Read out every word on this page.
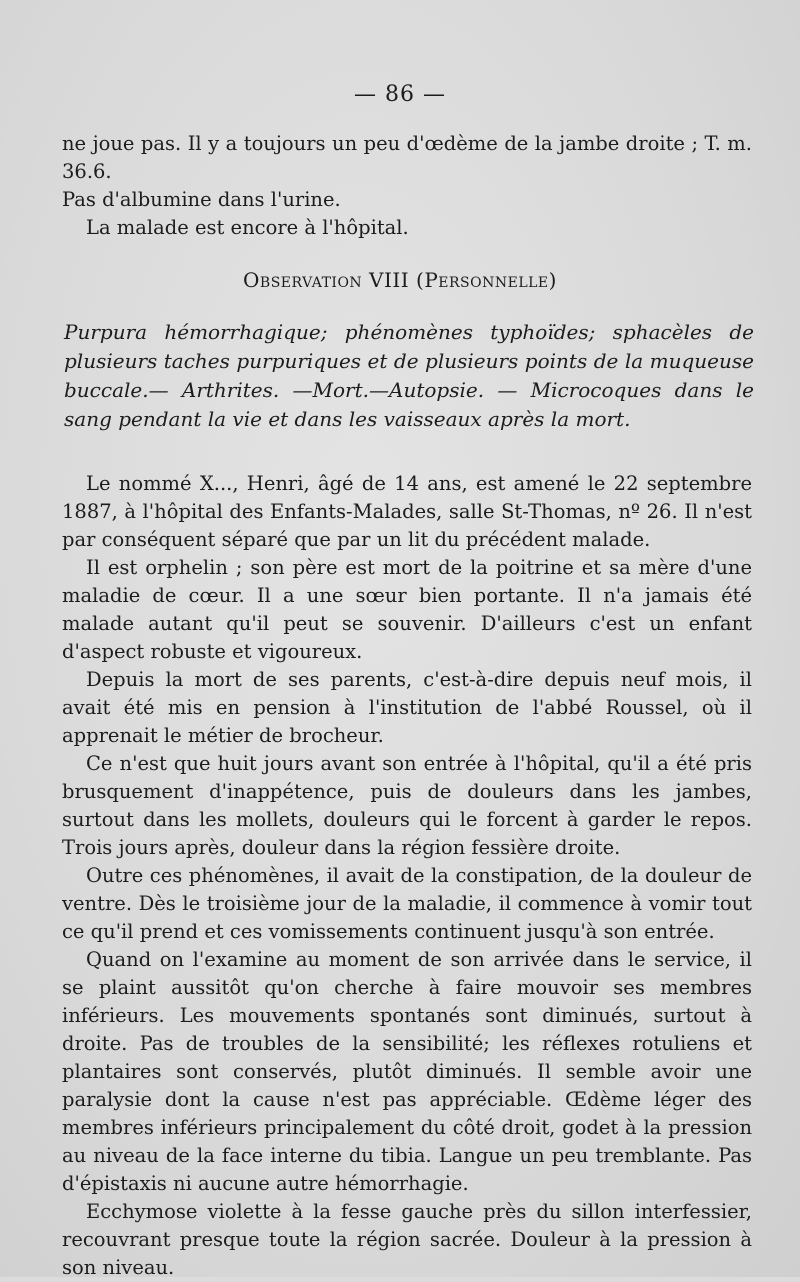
— 86 —

ne joue pas. Il y a toujours un peu d'œdème de la jambe droite ; T. m. 36.6.

Pas d'albumine dans l'urine.

La malade est encore à l'hôpital.

Observation VIII (Personnelle)
Purpura hémorrhagique; phénomènes typhoïdes; sphacèles de plusieurs taches purpuriques et de plusieurs points de la muqueuse buccale.— Arthrites. —Mort.—Autopsie. — Microcoques dans le sang pendant la vie et dans les vaisseaux après la mort.

Le nommé X..., Henri, âgé de 14 ans, est amené le 22 septembre 1887, à l'hôpital des Enfants-Malades, salle St-Thomas, nº 26. Il n'est par conséquent séparé que par un lit du précédent malade.

Il est orphelin ; son père est mort de la poitrine et sa mère d'une maladie de cœur. Il a une sœur bien portante. Il n'a jamais été malade autant qu'il peut se souvenir. D'ailleurs c'est un enfant d'aspect robuste et vigoureux.

Depuis la mort de ses parents, c'est-à-dire depuis neuf mois, il avait été mis en pension à l'institution de l'abbé Roussel, où il apprenait le métier de brocheur.

Ce n'est que huit jours avant son entrée à l'hôpital, qu'il a été pris brusquement d'inappétence, puis de douleurs dans les jambes, surtout dans les mollets, douleurs qui le forcent à garder le repos. Trois jours après, douleur dans la région fessière droite.

Outre ces phénomènes, il avait de la constipation, de la douleur de ventre. Dès le troisième jour de la maladie, il commence à vomir tout ce qu'il prend et ces vomissements continuent jusqu'à son entrée.

Quand on l'examine au moment de son arrivée dans le service, il se plaint aussitôt qu'on cherche à faire mouvoir ses membres inférieurs. Les mouvements spontanés sont diminués, surtout à droite. Pas de troubles de la sensibilité; les réflexes rotuliens et plantaires sont conservés, plutôt diminués. Il semble avoir une paralysie dont la cause n'est pas appréciable. Œdème léger des membres inférieurs principalement du côté droit, godet à la pression au niveau de la face interne du tibia. Langue un peu tremblante. Pas d'épistaxis ni aucune autre hémorrhagie.

Ecchymose violette à la fesse gauche près du sillon interfessier, recouvrant presque toute la région sacrée. Douleur à la pression à son niveau.
